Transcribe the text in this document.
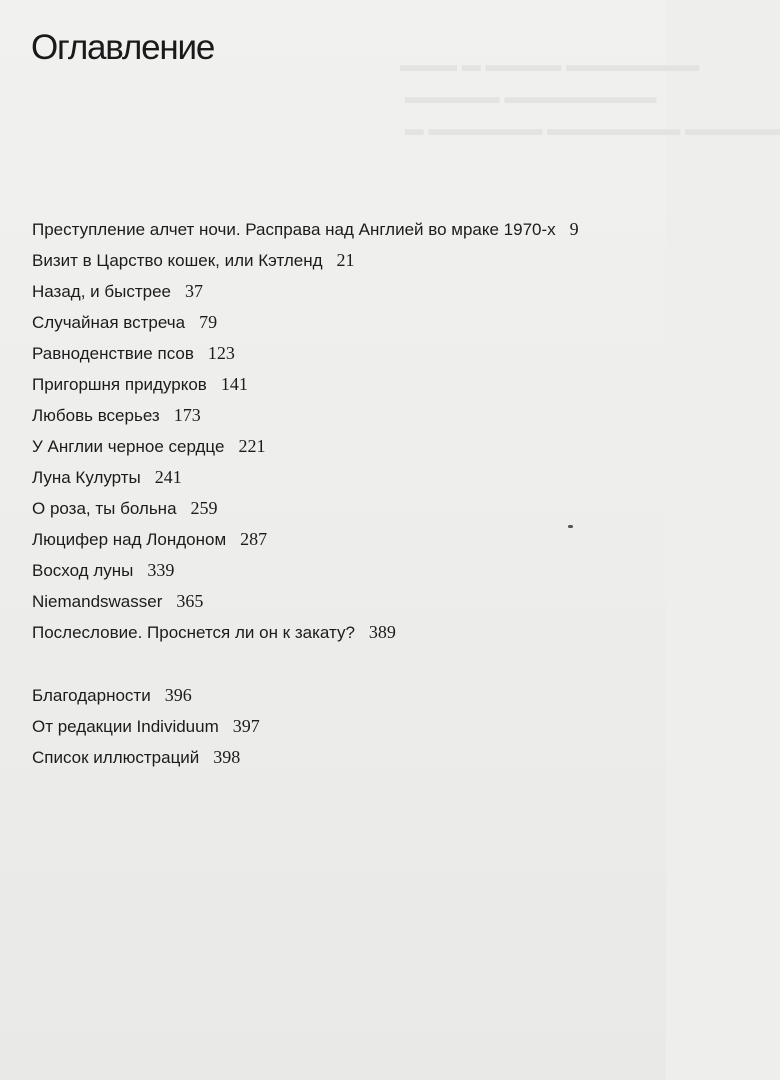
Оглавление	▬▬▬ ▬ ▬▬▬▬ ▬▬▬▬▬▬▬
▬▬▬▬▬ ▬▬▬▬▬▬▬▬
▬ ▬▬▬▬▬▬ ▬▬▬▬▬▬▬ ▬▬▬▬▬
Преступление алчет ночи. Расправа над Англией во мраке 1970-х 9
Визит в Царство кошек, или Кэтленд 21
Назад, и быстрее 37
Случайная встреча 79
Равноденствие псов 123
Пригоршня придурков 141
Любовь всерьез 173
У Англии черное сердце 221
Луна Кулурты 241
О роза, ты больна 259
Люцифер над Лондоном 287
Восход луны 339
Niemandswasser 365
Послесловие. Проснется ли он к закату? 389
Благодарности 396
От редакции Individuum 397
Список иллюстраций 398
